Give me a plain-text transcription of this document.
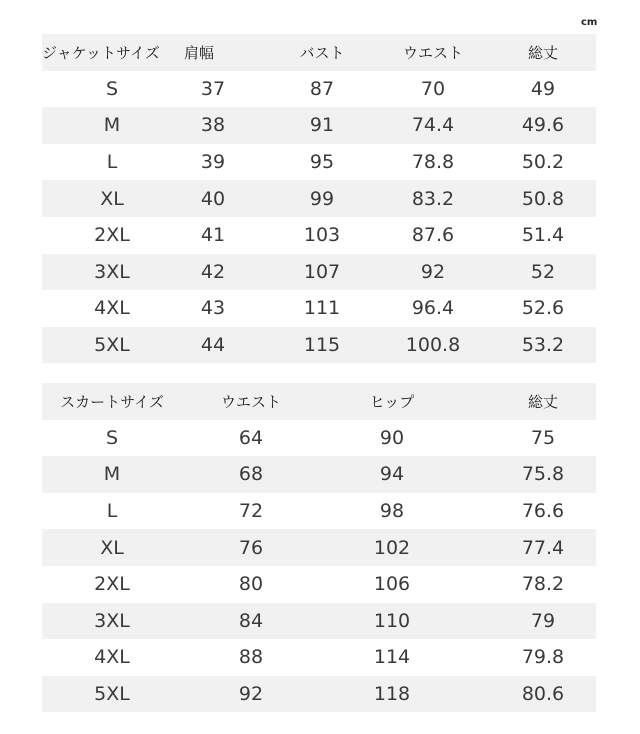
cm
ジャケットサイズ	肩幅	バスト	ウエスト	総丈
S	37	87	70	49
M	38	91	74.4	49.6
L	39	95	78.8	50.2
XL	40	99	83.2	50.8
2XL	41	103	87.6	51.4
3XL	42	107	92	52
4XL	43	111	96.4	52.6
5XL	44	115	100.8	53.2
スカートサイズ	ウエスト	ヒップ	総丈
S	64	90	75
M	68	94	75.8
L	72	98	76.6
XL	76	102	77.4
2XL	80	106	78.2
3XL	84	110	79
4XL	88	114	79.8
5XL	92	118	80.6
